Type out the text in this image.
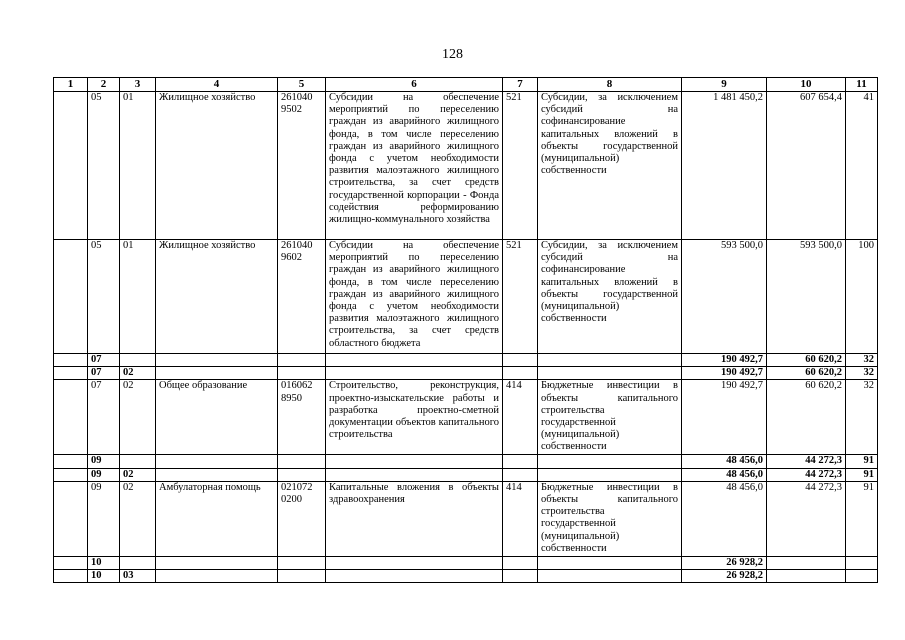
128
1	2	3	4	5	6	7	8	9	10	11
	05	01	Жилищное хозяйство	261040 9502	Субсидии на обеспечение мероприятий по переселению граждан из аварийного жилищного фонда, в том числе переселению граждан из аварийного жилищного фонда с учетом необходимости развития малоэтажного жилищного строительства, за счет средств государственной корпорации - Фонда содействия реформированию жилищно-коммунального хозяйства	521	Субсидии, за исключением субсидий на софинансирование капитальных вложений в объекты государственной (муниципальной) собственности	1 481 450,2	607 654,4	41
	05	01	Жилищное хозяйство	261040 9602	Субсидии на обеспечение мероприятий по переселению граждан из аварийного жилищного фонда, в том числе переселению граждан из аварийного жилищного фонда с учетом необходимости развития малоэтажного жилищного строительства, за счет средств областного бюджета	521	Субсидии, за исключением субсидий на софинансирование капитальных вложений в объекты государственной (муниципальной) собственности	593 500,0	593 500,0	100
	07							190 492,7	60 620,2	32
	07	02						190 492,7	60 620,2	32
	07	02	Общее образование	016062 8950	Строительство, реконструкция, проектно-изыскательские работы и разработка проектно-сметной документации объектов капитального строительства	414	Бюджетные инвестиции в объекты капитального строительства государственной (муниципальной) собственности	190 492,7	60 620,2	32
	09							48 456,0	44 272,3	91
	09	02						48 456,0	44 272,3	91
	09	02	Амбулаторная помощь	021072 0200	Капитальные вложения в объекты здравоохранения	414	Бюджетные инвестиции в объекты капитального строительства государственной (муниципальной) собственности	48 456,0	44 272,3	91
	10							26 928,2		
	10	03						26 928,2		
